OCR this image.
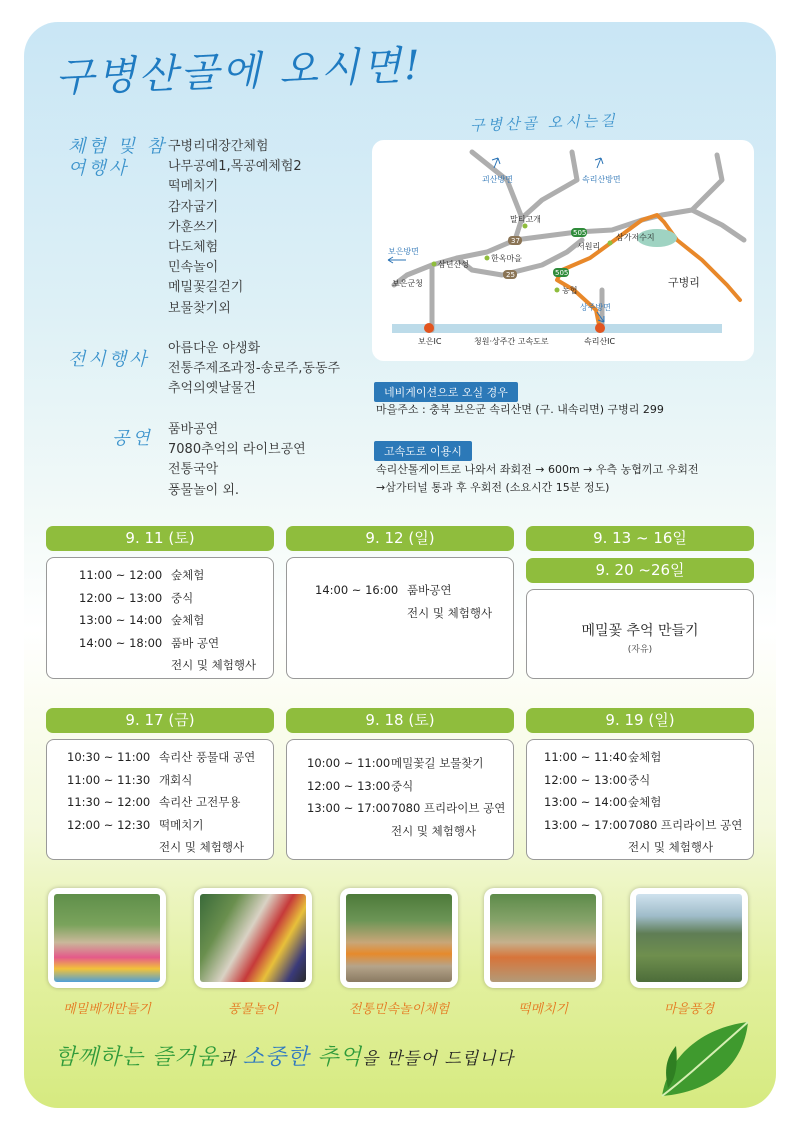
구병산골에 오시면!
체험 및 참여행사
구병리대장간체험
나무공예1,목공예체험2
떡메치기
감자굽기
가훈쓰기
다도체험
민속놀이
메밀꽃길걷기
보물찾기외
전시행사
아름다운 야생화
전통주제조과정-송로주,동동주
추억의옛날물건
공연 품바공연
7080추억의 라이브공연
전통국악
풍물놀이 외.
구병산골 오시는길
괴산방면	속리산방면
말티고개
37
보은방면
삼년산성
한옥마을
보은군청
25
505
505
서원리
삼가저수지
농협
구병리
상주방면
보은IC	청원·상주간 고속도로	속리산IC
네비게이션으로 오실 경우
마을주소 : 충북 보은군 속리산면 (구. 내속리면) 구병리 299
고속도로 이용시
속리산톨게이트로 나와서 좌회전 → 600m → 우측 농협끼고 우회전
→삼가터널 통과 후 우회전 (소요시간 15분 정도)
9. 11 (토)
11:00 ~ 12:00 숲체험
12:00 ~ 13:00 중식
13:00 ~ 14:00 숲체험
14:00 ~ 18:00 품바 공연
전시 및 체험행사
9. 12 (일)
14:00 ~ 16:00 품바공연
전시 및 체험행사
9. 13 ~ 16일
9. 20 ~26일
메밀꽃 추억 만들기
(자유)
9. 17 (금)
10:30 ~ 11:00 속리산 풍물대 공연
11:00 ~ 11:30 개회식
11:30 ~ 12:00 속리산 고전무용
12:00 ~ 12:30 떡메치기
전시 및 체험행사
9. 18 (토)
10:00 ~ 11:00 메밀꽃길 보물찾기
12:00 ~ 13:00 중식
13:00 ~ 17:00 7080 프리라이브 공연
전시 및 체험행사
9. 19 (일)
11:00 ~ 11:40 숲체험
12:00 ~ 13:00 중식
13:00 ~ 14:00 숲체험
13:00 ~ 17:00 7080 프리라이브 공연
전시 및 체험행사
메밀베개만들기	풍물놀이	전통민속놀이체험	떡메치기	마을풍경
함께하는 즐거움과 소중한 추억을 만들어 드립니다
